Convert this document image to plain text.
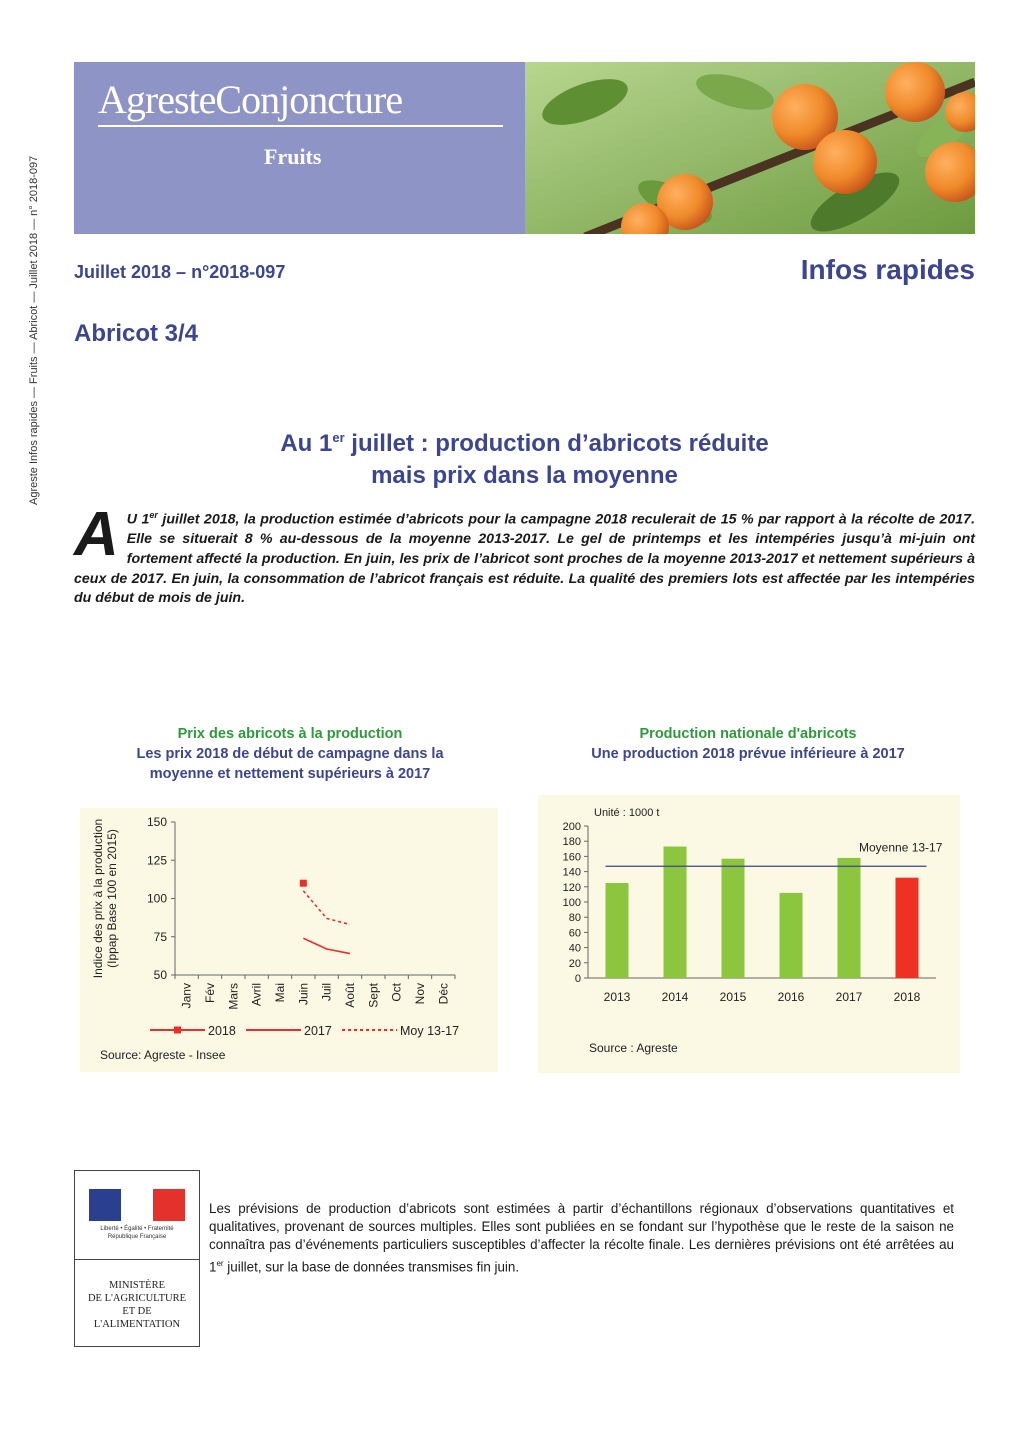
Agreste Infos rapides — Fruits — Abricot — Juillet 2018 — n° 2018-097
AgresteConjoncture
Fruits
Juillet 2018 – n°2018-097	Infos rapides
Abricot 3/4
Au 1er juillet : production d’abricots réduite
mais prix dans la moyenne
A U 1er juillet 2018, la production estimée d’abricots pour la campagne 2018 reculerait de 15 % par rapport à la récolte de 2017. Elle se situerait 8 % au-dessous de la moyenne 2013-2017. Le gel de printemps et les intempéries jusqu’à mi-juin ont fortement affecté la production. En juin, les prix de l’abricot sont proches de la moyenne 2013-2017 et nettement supérieurs à ceux de 2017. En juin, la consommation de l’abricot français est réduite. La qualité des premiers lots est affectée par les intempéries du début de mois de juin.
Prix des abricots à la production
Les prix 2018 de début de campagne dans la
moyenne et nettement supérieurs à 2017
Production nationale d'abricots
Une production 2018 prévue inférieure à 2017
50
75
100
125
150
Janv Fév Mars Avril Mai Juin Juil Août Sept Oct Nov Déc
Indice des prix à la production (Ippap Base 100 en 2015)
2018	2017	Moy 13-17
Source: Agreste - Insee
Unité : 1000 t
0
20
40
60
80
100
120
140
160
180
200
2013	2014	2015	2016	2017	2018
Moyenne 13-17
Source : Agreste
Liberté • Égalité • Fraternité
République Française
MINISTÈRE
DE L'AGRICULTURE
ET DE
L'ALIMENTATION
Les prévisions de production d’abricots sont estimées à partir d’échantillons régionaux d’observations quantitatives et qualitatives, provenant de sources multiples. Elles sont publiées en se fondant sur l’hypothèse que le reste de la saison ne connaîtra pas d’événements particuliers susceptibles d’affecter la récolte finale. Les dernières prévisions ont été arrêtées au 1er juillet, sur la base de données transmises fin juin.
